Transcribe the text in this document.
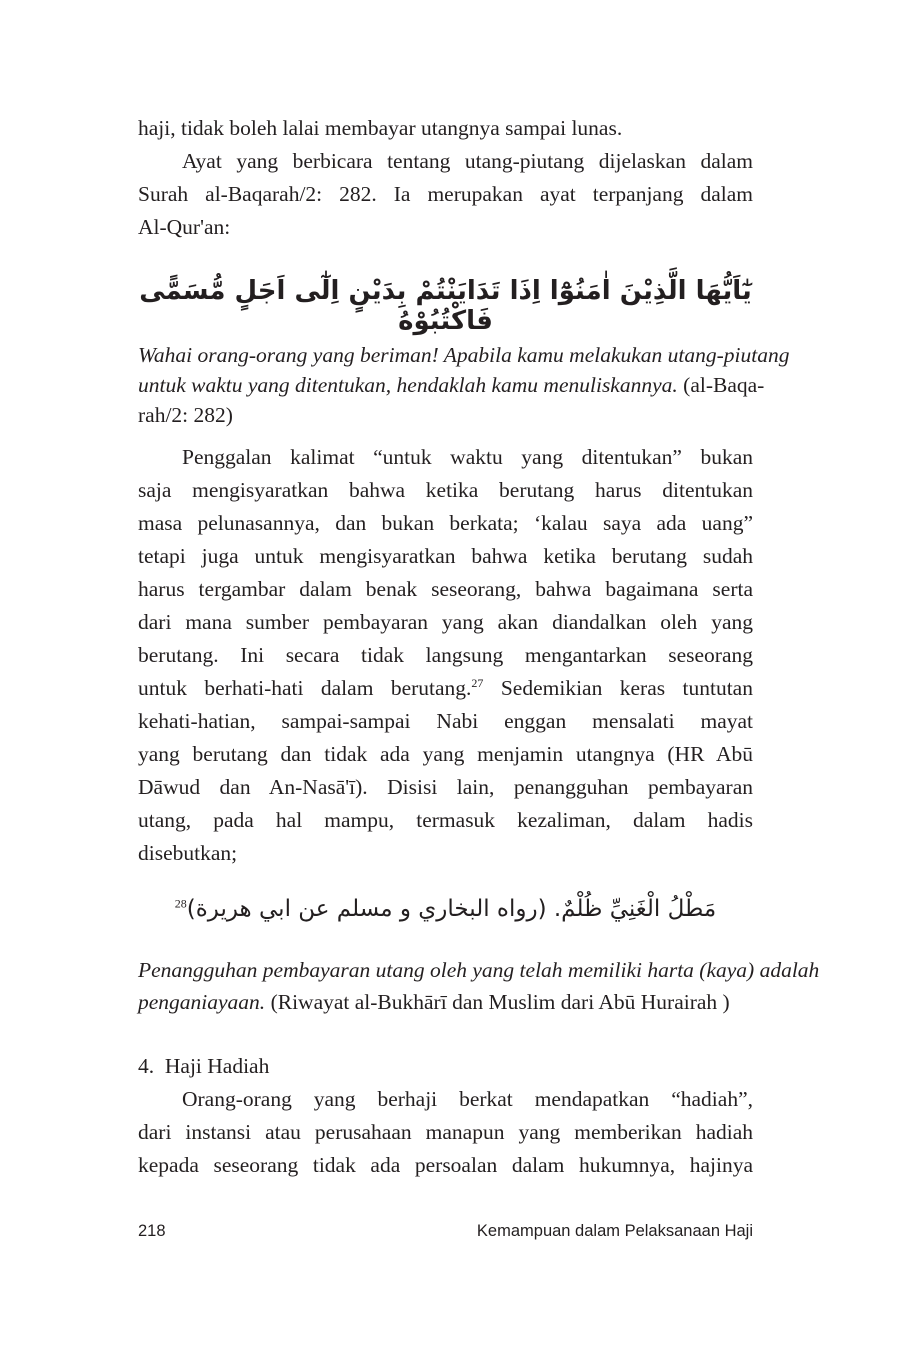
haji, tidak boleh lalai membayar utangnya sampai lunas.
Ayat yang berbicara tentang utang-piutang dijelaskan dalam
Surah al-Baqarah/2: 282. Ia merupakan ayat terpanjang dalam
Al-Qur'an:
يٰٓاَيُّهَا الَّذِيْنَ اٰمَنُوْٓا اِذَا تَدَايَنْتُمْ بِدَيْنٍ اِلٰٓى اَجَلٍ مُّسَمًّى فَاكْتُبُوْهُ
Wahai orang-orang yang beriman! Apabila kamu melakukan utang-piutang
untuk waktu yang ditentukan, hendaklah kamu menuliskannya. (al-Baqa-
rah/2: 282)
Penggalan kalimat “untuk waktu yang ditentukan” bukan
saja mengisyaratkan bahwa ketika berutang harus ditentukan
masa pelunasannya, dan bukan berkata; ‘kalau saya ada uang”
tetapi juga untuk mengisyaratkan bahwa ketika berutang sudah
harus tergambar dalam benak seseorang, bahwa bagaimana serta
dari mana sumber pembayaran yang akan diandalkan oleh yang
berutang. Ini secara tidak langsung mengantarkan seseorang
untuk berhati-hati dalam berutang.$^{27}$ Sedemikian keras tuntutan
kehati-hatian, sampai-sampai Nabi enggan mensalati mayat
yang berutang dan tidak ada yang menjamin utangnya (HR Abū
Dāwud dan An-Nasā'ī). Disisi lain, penangguhan pembayaran
utang, pada hal mampu, termasuk kezaliman, dalam hadis
disebutkan;
مَطْلُ الْغَنِيِّ ظُلْمٌ. (رواه البخاري و مسلم عن ابي هريرة)$^{28}$
Penangguhan pembayaran utang oleh yang telah memiliki harta (kaya) adalah
penganiayaan. (Riwayat al-Bukhārī dan Muslim dari Abū Hurairah )
4.  Haji Hadiah
Orang-orang yang berhaji berkat mendapatkan “hadiah”,
dari instansi atau perusahaan manapun yang memberikan hadiah
kepada seseorang tidak ada persoalan dalam hukumnya, hajinya
218	Kemampuan dalam Pelaksanaan Haji
